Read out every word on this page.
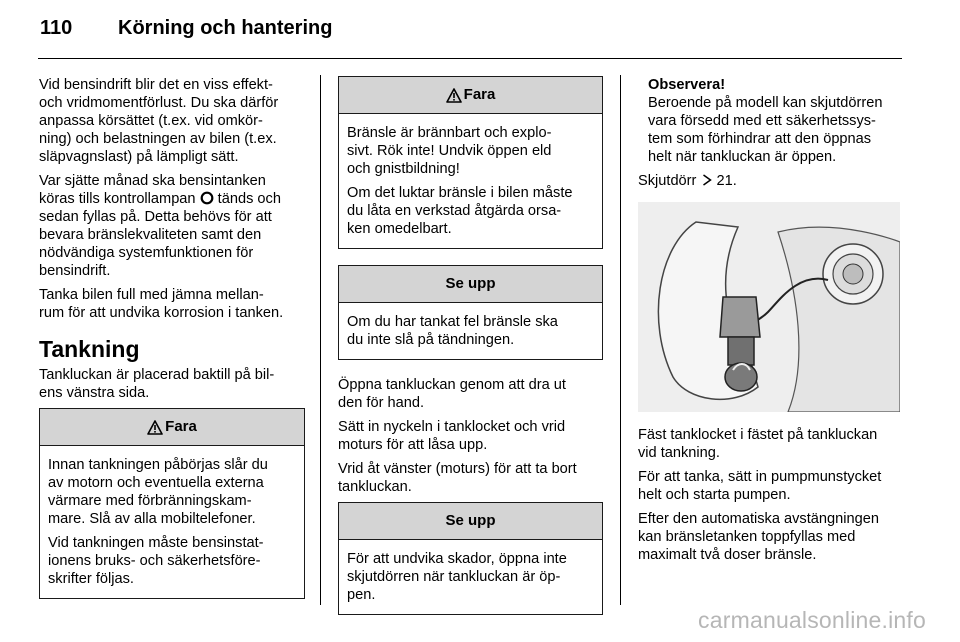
110 Körning och hantering

Vid bensindrift blir det en viss effekt-
och vridmomentförlust. Du ska därför
anpassa körsättet (t.ex. vid omkör-
ning) och belastningen av bilen (t.ex.
släpvagnslast) på lämpligt sätt.

Var sjätte månad ska bensintanken
köras tills kontrollampan tänds och
sedan fyllas på. Detta behövs för att
bevara bränslekvaliteten samt den
nödvändiga systemfunktionen för
bensindrift.

Tanka bilen full med jämna mellan-
rum för att undvika korrosion i tanken.

Tankning

Tankluckan är placerad baktill på bil-
ens vänstra sida.

Fara

Innan tankningen påbörjas slår du
av motorn och eventuella externa
värmare med förbränningskam-
mare. Slå av alla mobiltelefoner.

Vid tankningen måste bensinstat-
ionens bruks- och säkerhetsföre-
skrifter följas.

Fara

Bränsle är brännbart och explo-
sivt. Rök inte! Undvik öppen eld
och gnistbildning!

Om det luktar bränsle i bilen måste
du låta en verkstad åtgärda orsa-
ken omedelbart.

Se upp

Om du har tankat fel bränsle ska
du inte slå på tändningen.

Öppna tankluckan genom att dra ut
den för hand.

Sätt in nyckeln i tanklocket och vrid
moturs för att låsa upp.

Vrid åt vänster (moturs) för att ta bort
tankluckan.

Se upp

För att undvika skador, öppna inte
skjutdörren när tankluckan är öp-
pen.

Observera!

Beroende på modell kan skjutdörren
vara försedd med ett säkerhetssys-
tem som förhindrar att den öppnas
helt när tankluckan är öppen.

Skjutdörr 21.

Fäst tanklocket i fästet på tankluckan
vid tankning.

För att tanka, sätt in pumpmunstycket
helt och starta pumpen.

Efter den automatiska avstängningen
kan bränsletanken toppfyllas med
maximalt två doser bränsle.

carmanualsonline.info
